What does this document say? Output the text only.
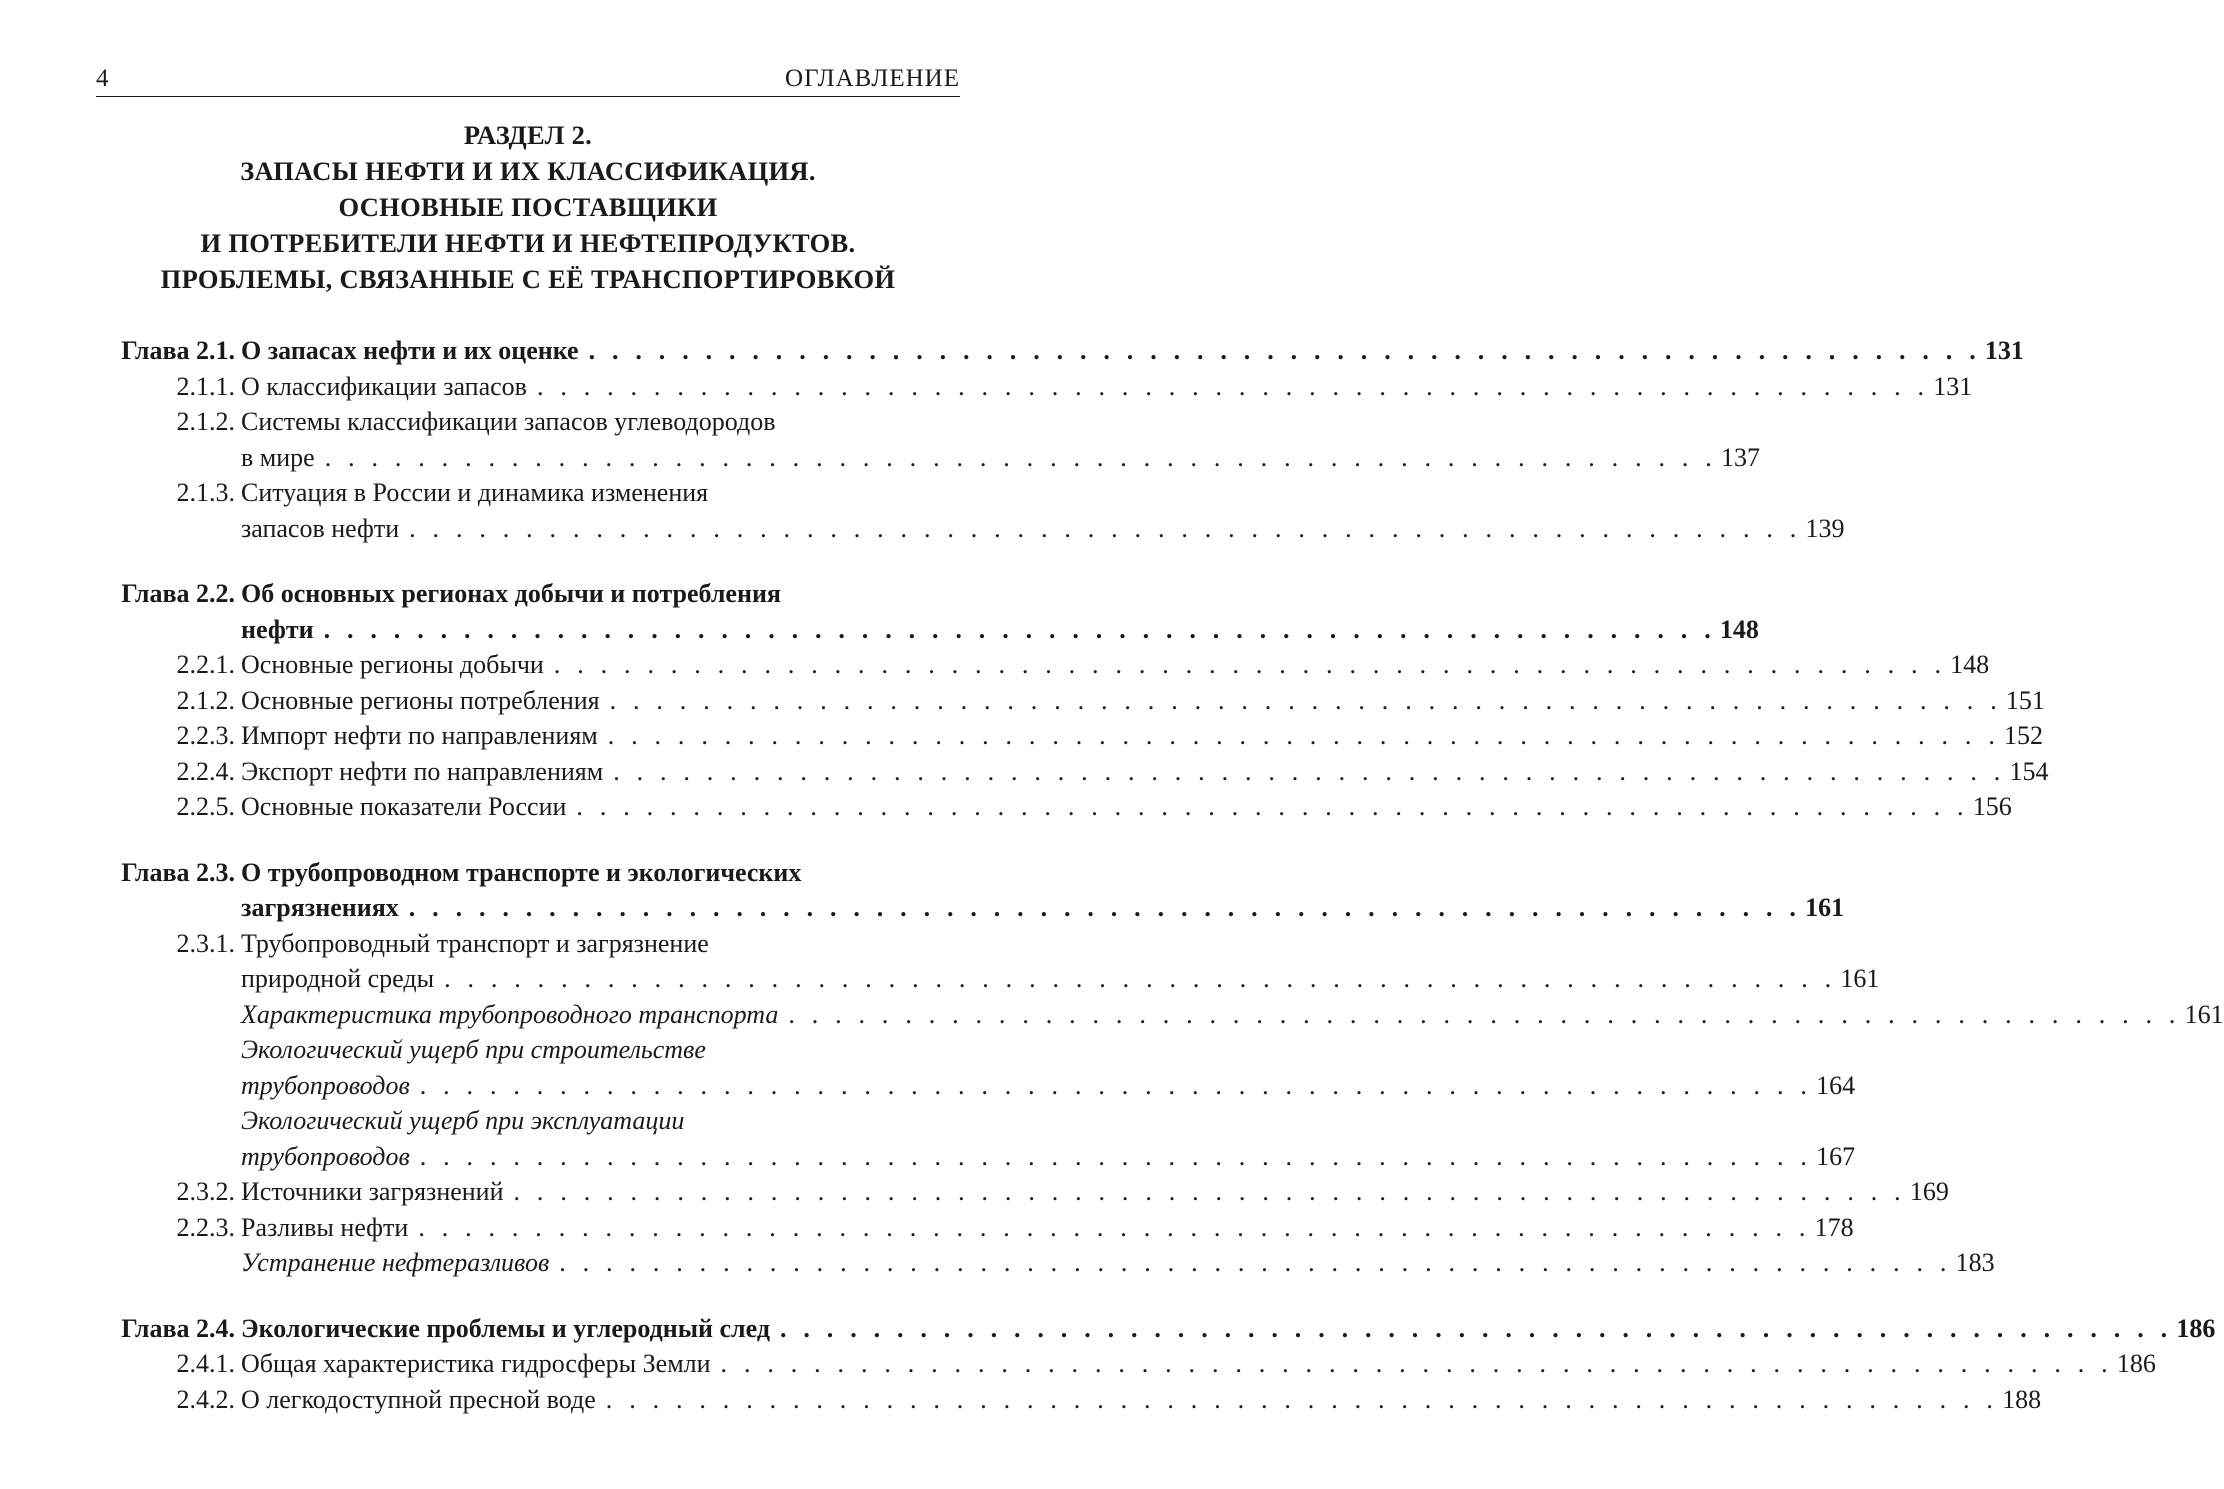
4	ОГЛАВЛЕНИЕ
РАЗДЕЛ 2.
ЗАПАСЫ НЕФТИ И ИХ КЛАССИФИКАЦИЯ.
ОСНОВНЫЕ ПОСТАВЩИКИ
И ПОТРЕБИТЕЛИ НЕФТИ И НЕФТЕПРОДУКТОВ.
ПРОБЛЕМЫ, СВЯЗАННЫЕ С ЕЁ ТРАНСПОРТИРОВКОЙ
Глава 2.1. О запасах нефти и их оценке . . . . . . . . . . . . . . . . . . . . . . . . . . . . . . . . . . . . . . . . . . . . . . . . . . . . . . . . . . . . 131
2.1.1. О классификации запасов . . . . . . . . . . . . . . . . . . . . . . . . . . . . . . . . . . . . . . . . . . . . . . . . . . . . . . . . . . . . 131
2.1.2. Системы классификации запасов углеводородов
в мире . . . . . . . . . . . . . . . . . . . . . . . . . . . . . . . . . . . . . . . . . . . . . . . . . . . . . . . . . . . . 137
2.1.3. Ситуация в России и динамика изменения
запасов нефти . . . . . . . . . . . . . . . . . . . . . . . . . . . . . . . . . . . . . . . . . . . . . . . . . . . . . . . . . . . . 139
Глава 2.2. Об основных регионах добычи и потребления
нефти . . . . . . . . . . . . . . . . . . . . . . . . . . . . . . . . . . . . . . . . . . . . . . . . . . . . . . . . . . . . 148
2.2.1. Основные регионы добычи . . . . . . . . . . . . . . . . . . . . . . . . . . . . . . . . . . . . . . . . . . . . . . . . . . . . . . . . . . . . 148
2.1.2. Основные регионы потребления . . . . . . . . . . . . . . . . . . . . . . . . . . . . . . . . . . . . . . . . . . . . . . . . . . . . . . . . . . . . 151
2.2.3. Импорт нефти по направлениям . . . . . . . . . . . . . . . . . . . . . . . . . . . . . . . . . . . . . . . . . . . . . . . . . . . . . . . . . . . . 152
2.2.4. Экспорт нефти по направлениям . . . . . . . . . . . . . . . . . . . . . . . . . . . . . . . . . . . . . . . . . . . . . . . . . . . . . . . . . . . . 154
2.2.5. Основные показатели России . . . . . . . . . . . . . . . . . . . . . . . . . . . . . . . . . . . . . . . . . . . . . . . . . . . . . . . . . . . . 156
Глава 2.3. О трубопроводном транспорте и экологических
загрязнениях . . . . . . . . . . . . . . . . . . . . . . . . . . . . . . . . . . . . . . . . . . . . . . . . . . . . . . . . . . . . 161
2.3.1. Трубопроводный транспорт и загрязнение
природной среды . . . . . . . . . . . . . . . . . . . . . . . . . . . . . . . . . . . . . . . . . . . . . . . . . . . . . . . . . . . . 161
Характеристика трубопроводного транспорта . . . . . . . . . . . . . . . . . . . . . . . . . . . . . . . . . . . . . . . . . . . . . . . . . . . . . . . . . . . . 161
Экологический ущерб при строительстве
трубопроводов . . . . . . . . . . . . . . . . . . . . . . . . . . . . . . . . . . . . . . . . . . . . . . . . . . . . . . . . . . . . 164
Экологический ущерб при эксплуатации
трубопроводов . . . . . . . . . . . . . . . . . . . . . . . . . . . . . . . . . . . . . . . . . . . . . . . . . . . . . . . . . . . . 167
2.3.2. Источники загрязнений . . . . . . . . . . . . . . . . . . . . . . . . . . . . . . . . . . . . . . . . . . . . . . . . . . . . . . . . . . . . 169
2.2.3. Разливы нефти . . . . . . . . . . . . . . . . . . . . . . . . . . . . . . . . . . . . . . . . . . . . . . . . . . . . . . . . . . . . 178
Устранение нефтеразливов . . . . . . . . . . . . . . . . . . . . . . . . . . . . . . . . . . . . . . . . . . . . . . . . . . . . . . . . . . . . 183
Глава 2.4. Экологические проблемы и углеродный след . . . . . . . . . . . . . . . . . . . . . . . . . . . . . . . . . . . . . . . . . . . . . . . . . . . . . . . . . . . . 186
2.4.1. Общая характеристика гидросферы Земли . . . . . . . . . . . . . . . . . . . . . . . . . . . . . . . . . . . . . . . . . . . . . . . . . . . . . . . . . . . . 186
2.4.2. О легкодоступной пресной воде . . . . . . . . . . . . . . . . . . . . . . . . . . . . . . . . . . . . . . . . . . . . . . . . . . . . . . . . . . . . 188
